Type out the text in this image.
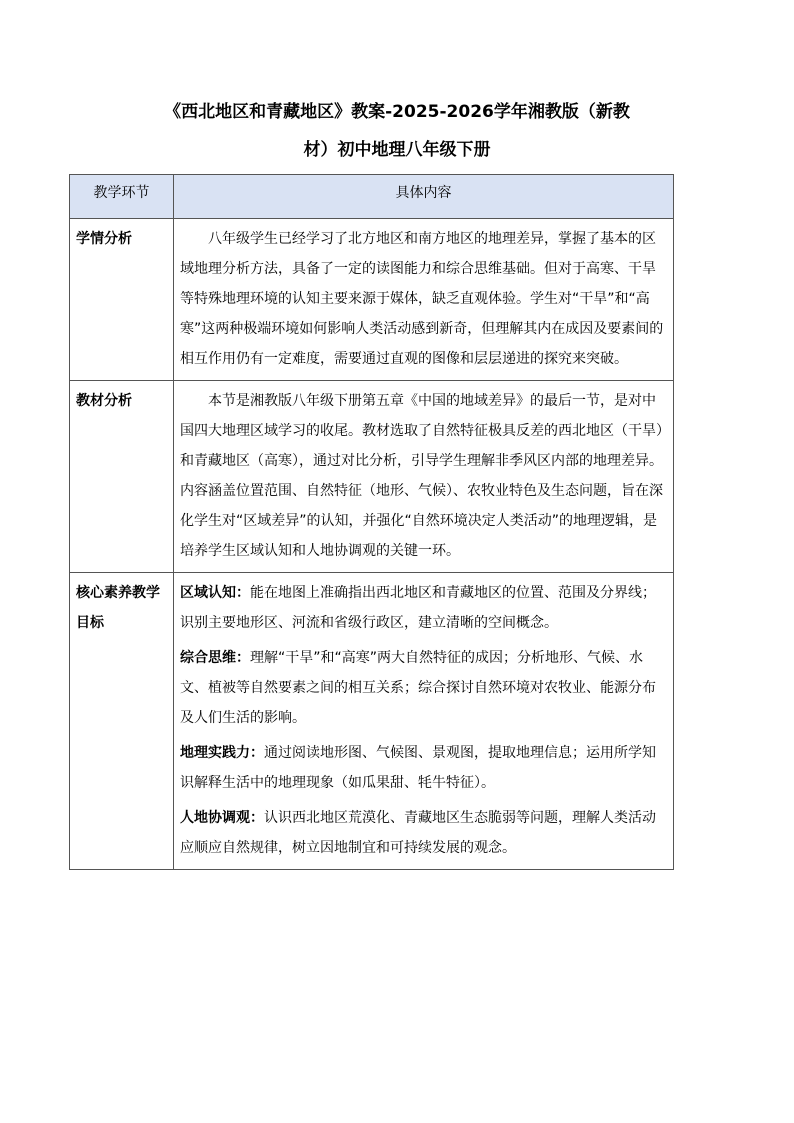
《西北地区和青藏地区》教案-2025-2026学年湘教版（新教
材）初中地理八年级下册
教学环节	具体内容
学情分析	八年级学生已经学习了北方地区和南方地区的地理差异，掌握了基本的区域地理分析方法，具备了一定的读图能力和综合思维基础。但对于高寒、干旱等特殊地理环境的认知主要来源于媒体，缺乏直观体验。学生对“干旱”和“高寒”这两种极端环境如何影响人类活动感到新奇，但理解其内在成因及要素间的相互作用仍有一定难度，需要通过直观的图像和层层递进的探究来突破。

教材分析	本节是湘教版八年级下册第五章《中国的地域差异》的最后一节，是对中国四大地理区域学习的收尾。教材选取了自然特征极具反差的西北地区（干旱）和青藏地区（高寒），通过对比分析，引导学生理解非季风区内部的地理差异。内容涵盖位置范围、自然特征（地形、气候）、农牧业特色及生态问题，旨在深化学生对“区域差异”的认知，并强化“自然环境决定人类活动”的地理逻辑，是培养学生区域认知和人地协调观的关键一环。

核心素养教学目标	区域认知：能在地图上准确指出西北地区和青藏地区的位置、范围及分界线；识别主要地形区、河流和省级行政区，建立清晰的空间概念。

综合思维：理解“干旱”和“高寒”两大自然特征的成因；分析地形、气候、水文、植被等自然要素之间的相互关系；综合探讨自然环境对农牧业、能源分布及人们生活的影响。

地理实践力：通过阅读地形图、气候图、景观图，提取地理信息；运用所学知识解释生活中的地理现象（如瓜果甜、牦牛特征）。

人地协调观：认识西北地区荒漠化、青藏地区生态脆弱等问题，理解人类活动应顺应自然规律，树立因地制宜和可持续发展的观念。
